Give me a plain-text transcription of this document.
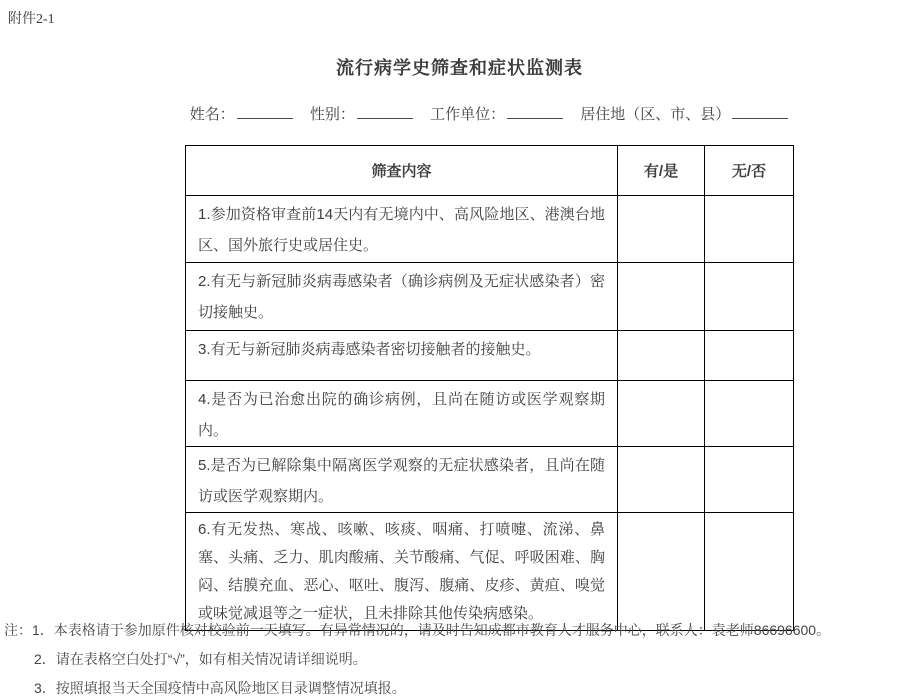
附件2-1
流行病学史筛查和症状监测表
姓名：	性别：	工作单位：	居住地（区、市、县）
筛查内容	有/是	无/否
1.参加资格审查前14天内有无境内中、高风险地区、港澳台地区、国外旅行史或居住史。		
2.有无与新冠肺炎病毒感染者（确诊病例及无症状感染者）密切接触史。		
3.有无与新冠肺炎病毒感染者密切接触者的接触史。		
4.是否为已治愈出院的确诊病例，且尚在随访或医学观察期内。		
5.是否为已解除集中隔离医学观察的无症状感染者，且尚在随访或医学观察期内。		
6.有无发热、寒战、咳嗽、咳痰、咽痛、打喷嚏、流涕、鼻塞、头痛、乏力、肌肉酸痛、关节酸痛、气促、呼吸困难、胸闷、结膜充血、恶心、呕吐、腹泻、腹痛、皮疹、黄疸、嗅觉或味觉减退等之一症状，且未排除其他传染病感染。		
注：1．本表格请于参加原件核对校验前一天填写。有异常情况的，请及时告知成都市教育人才服务中心，联系人：袁老师86696600。
2．请在表格空白处打“√”，如有相关情况请详细说明。
3．按照填报当天全国疫情中高风险地区目录调整情况填报。
